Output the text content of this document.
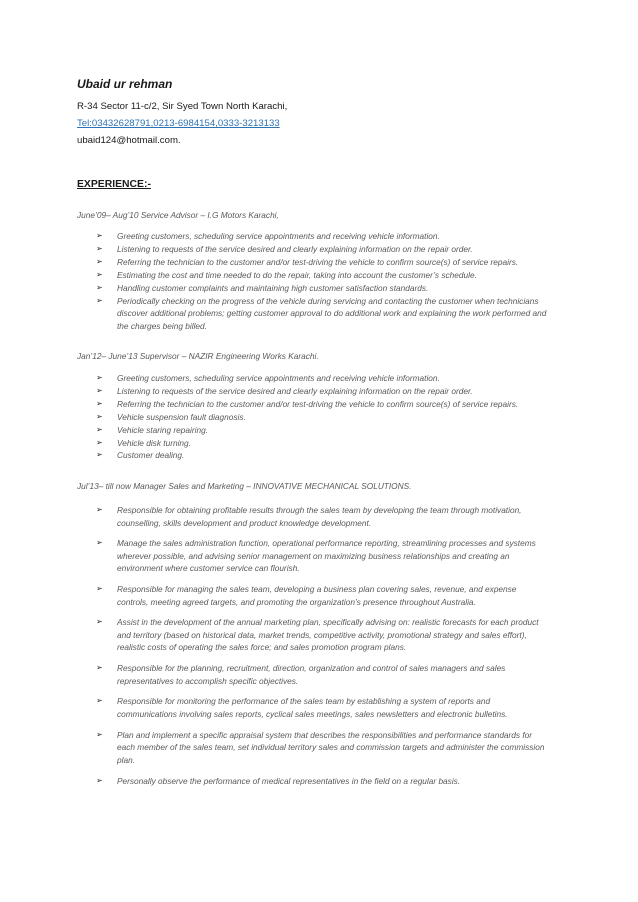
Ubaid ur rehman
R-34 Sector 11-c/2, Sir Syed Town North Karachi,
Tel:03432628791,0213-6984154,0333-3213133
ubaid124@hotmail.com.
EXPERIENCE:-
June’09– Aug’10 Service Advisor – I.G Motors Karachi,
➢ Greeting customers, scheduling service appointments and receiving vehicle information.
➢ Listening to requests of the service desired and clearly explaining information on the repair order.
➢ Referring the technician to the customer and/or test-driving the vehicle to confirm source(s) of service repairs.
➢ Estimating the cost and time needed to do the repair, taking into account the customer’s schedule.
➢ Handling customer complaints and maintaining high customer satisfaction standards.
➢ Periodically checking on the progress of the vehicle during servicing and contacting the customer when technicians discover additional problems; getting customer approval to do additional work and explaining the work performed and the charges being billed.
Jan’12– June’13 Supervisor – NAZIR Engineering Works Karachi.
➢ Greeting customers, scheduling service appointments and receiving vehicle information.
➢ Listening to requests of the service desired and clearly explaining information on the repair order.
➢ Referring the technician to the customer and/or test-driving the vehicle to confirm source(s) of service repairs.
➢ Vehicle suspension fault diagnosis.
➢ Vehicle staring repairing.
➢ Vehicle disk turning.
➢ Customer dealing.
Jul’13– till now Manager Sales and Marketing – INNOVATIVE MECHANICAL SOLUTIONS.
➢ Responsible for obtaining profitable results through the sales team by developing the team through motivation, counselling, skills development and product knowledge development.
➢ Manage the sales administration function, operational performance reporting, streamlining processes and systems wherever possible, and advising senior management on maximizing business relationships and creating an environment where customer service can flourish.
➢ Responsible for managing the sales team, developing a business plan covering sales, revenue, and expense controls, meeting agreed targets, and promoting the organization’s presence throughout Australia.
➢ Assist in the development of the annual marketing plan, specifically advising on: realistic forecasts for each product and territory (based on historical data, market trends, competitive activity, promotional strategy and sales effort), realistic costs of operating the sales force; and sales promotion program plans.
➢ Responsible for the planning, recruitment, direction, organization and control of sales managers and sales representatives to accomplish specific objectives.
➢ Responsible for monitoring the performance of the sales team by establishing a system of reports and communications involving sales reports, cyclical sales meetings, sales newsletters and electronic bulletins.
➢ Plan and implement a specific appraisal system that describes the responsibilities and performance standards for each member of the sales team, set individual territory sales and commission targets and administer the commission plan.
➢ Personally observe the performance of medical representatives in the field on a regular basis.
